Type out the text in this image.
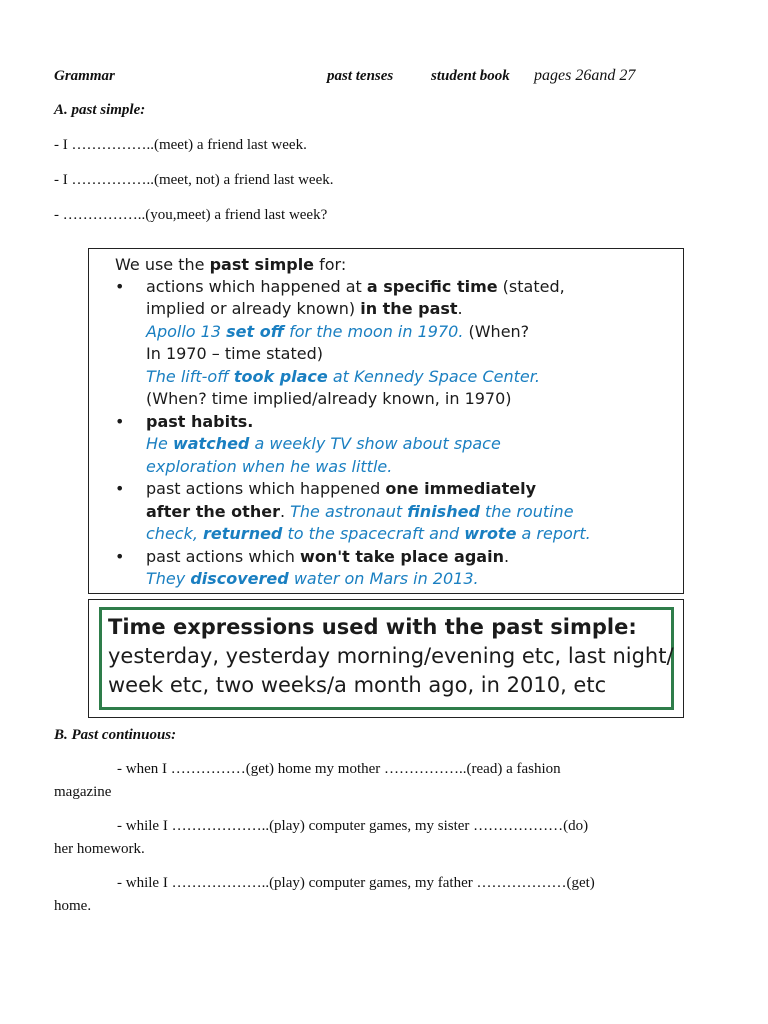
Grammar	past tenses	student book pages 26and 27
A. past simple:
- I ……………..(meet) a friend last week.
- I ……………..(meet, not) a friend last week.
- ……………..(you,meet) a friend last week?
We use the past simple for:
• actions which happened at a specific time (stated,
implied or already known) in the past.
Apollo 13 set off for the moon in 1970. (When?
In 1970 – time stated)
The lift-off took place at Kennedy Space Center.
(When? time implied/already known, in 1970)
• past habits.
He watched a weekly TV show about space
exploration when he was little.
• past actions which happened one immediately
after the other. The astronaut finished the routine
check, returned to the spacecraft and wrote a report.
• past actions which won't take place again.
They discovered water on Mars in 2013.
Time expressions used with the past simple:
yesterday, yesterday morning/evening etc, last night/
week etc, two weeks/a month ago, in 2010, etc
B. Past continuous:
- when I ……………(get) home my mother ……………..(read) a fashion
magazine
- while I ………………..(play) computer games, my sister ………………(do)
her homework.
- while I ………………..(play) computer games, my father ………………(get)
home.
